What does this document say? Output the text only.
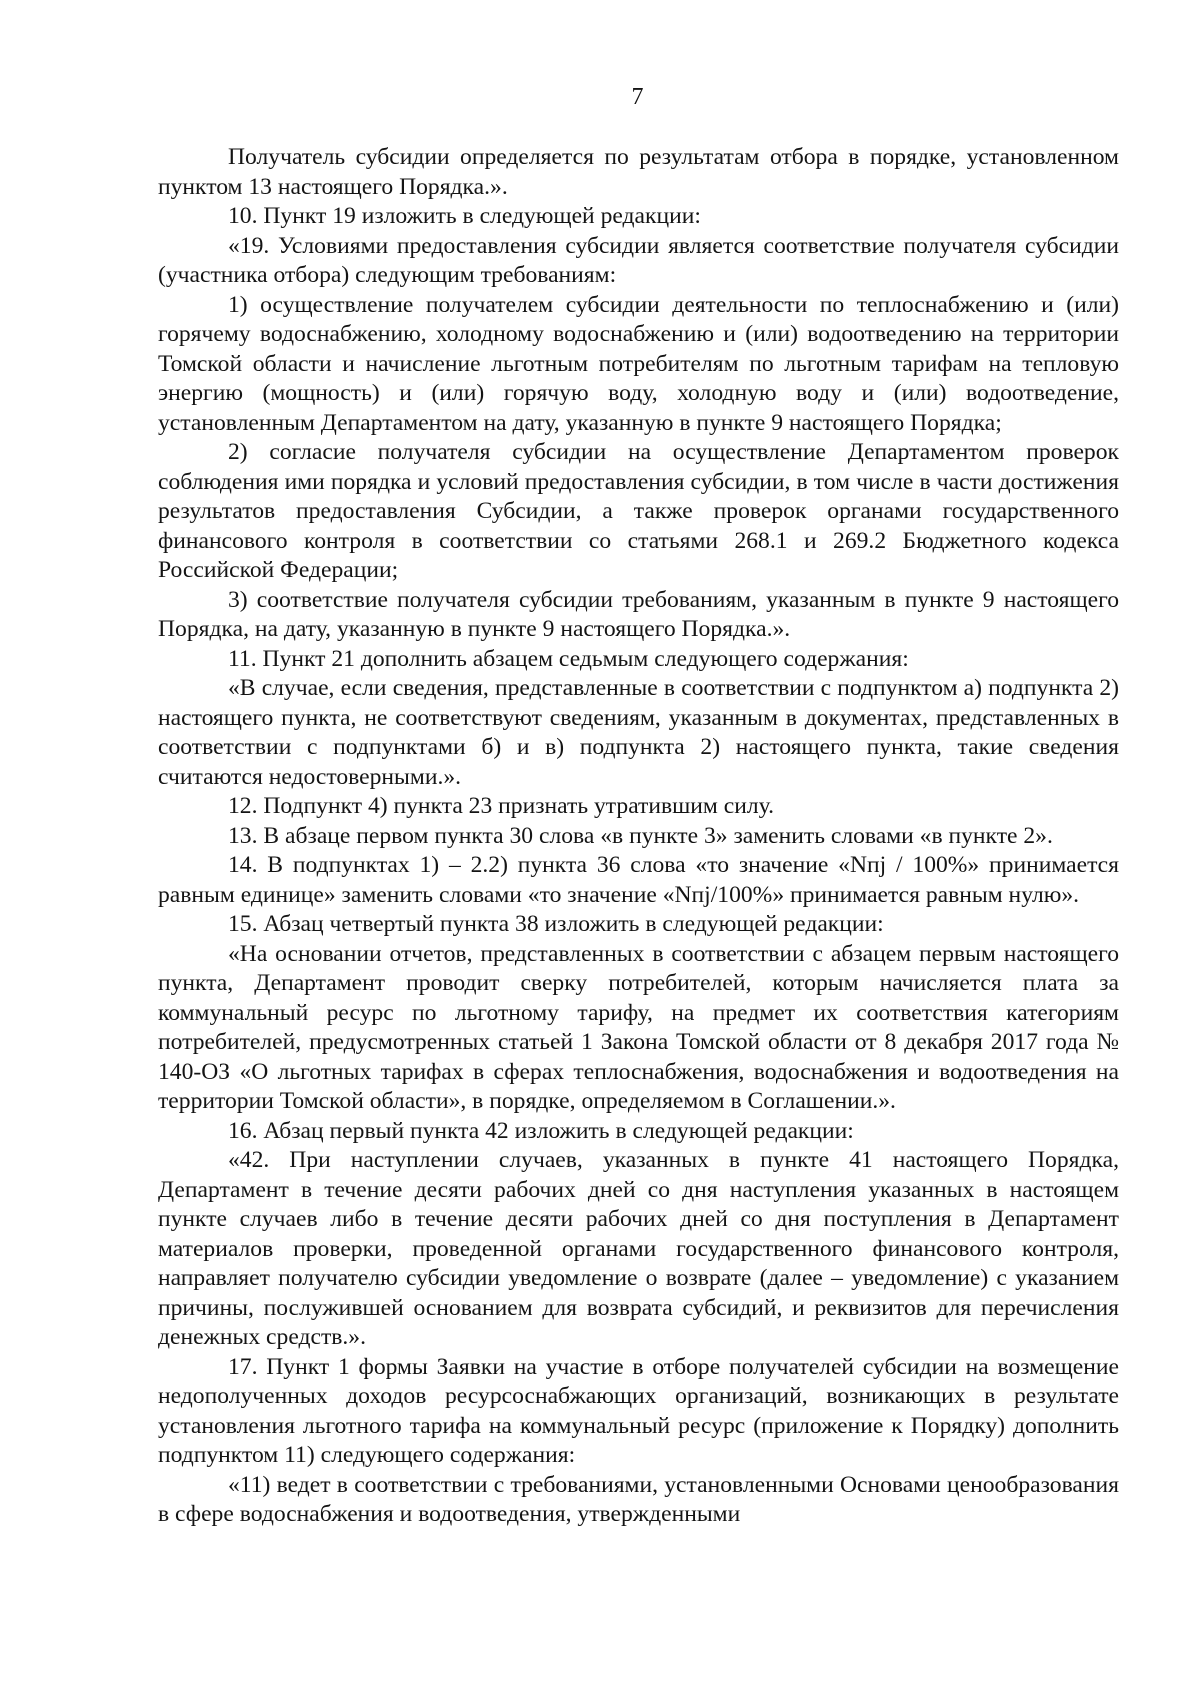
7

Получатель субсидии определяется по результатам отбора в порядке, установленном пунктом 13 настоящего Порядка.».

10. Пункт 19 изложить в следующей редакции:

«19. Условиями предоставления субсидии является соответствие получателя субсидии (участника отбора) следующим требованиям:

1) осуществление получателем субсидии деятельности по теплоснабжению и (или) горячему водоснабжению, холодному водоснабжению и (или) водоотведению на территории Томской области и начисление льготным потребителям по льготным тарифам на тепловую энергию (мощность) и (или) горячую воду, холодную воду и (или) водоотведение, установленным Департаментом на дату, указанную в пункте 9 настоящего Порядка;

2) согласие получателя субсидии на осуществление Департаментом проверок соблюдения ими порядка и условий предоставления субсидии, в том числе в части достижения результатов предоставления Субсидии, а также проверок органами государственного финансового контроля в соответствии со статьями 268.1 и 269.2 Бюджетного кодекса Российской Федерации;

3) соответствие получателя субсидии требованиям, указанным в пункте 9 настоящего Порядка, на дату, указанную в пункте 9 настоящего Порядка.».

11. Пункт 21 дополнить абзацем седьмым следующего содержания:

«В случае, если сведения, представленные в соответствии с подпунктом а) подпункта 2) настоящего пункта, не соответствуют сведениям, указанным в документах, представленных в соответствии с подпунктами б) и в) подпункта 2) настоящего пункта, такие сведения считаются недостоверными.».

12. Подпункт 4) пункта 23 признать утратившим силу.

13. В абзаце первом пункта 30 слова «в пункте 3» заменить словами «в пункте 2».

14. В подпунктах 1) – 2.2) пункта 36 слова «то значение «Nпj / 100%» принимается равным единице» заменить словами «то значение «Nпj/100%» принимается равным нулю».

15. Абзац четвертый пункта 38 изложить в следующей редакции:

«На основании отчетов, представленных в соответствии с абзацем первым настоящего пункта, Департамент проводит сверку потребителей, которым начисляется плата за коммунальный ресурс по льготному тарифу, на предмет их соответствия категориям потребителей, предусмотренных статьей 1 Закона Томской области от 8 декабря 2017 года № 140-ОЗ «О льготных тарифах в сферах теплоснабжения, водоснабжения и водоотведения на территории Томской области», в порядке, определяемом в Соглашении.».

16. Абзац первый пункта 42 изложить в следующей редакции:

«42. При наступлении случаев, указанных в пункте 41 настоящего Порядка, Департамент в течение десяти рабочих дней со дня наступления указанных в настоящем пункте случаев либо в течение десяти рабочих дней со дня поступления в Департамент материалов проверки, проведенной органами государственного финансового контроля, направляет получателю субсидии уведомление о возврате (далее – уведомление) с указанием причины, послужившей основанием для возврата субсидий, и реквизитов для перечисления денежных средств.».

17. Пункт 1 формы Заявки на участие в отборе получателей субсидии на возмещение недополученных доходов ресурсоснабжающих организаций, возникающих в результате установления льготного тарифа на коммунальный ресурс (приложение к Порядку) дополнить подпунктом 11) следующего содержания:

«11) ведет в соответствии с требованиями, установленными Основами ценообразования в сфере водоснабжения и водоотведения, утвержденными
